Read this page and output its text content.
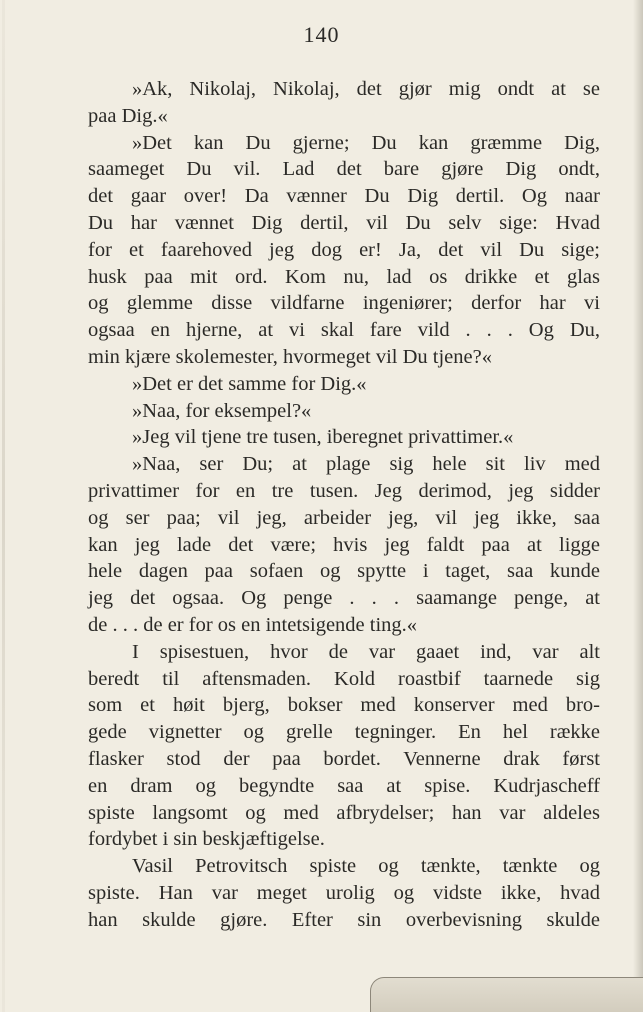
140
»Ak, Nikolaj, Nikolaj, det gjør mig ondt at se
paa Dig.«
»Det kan Du gjerne; Du kan græmme Dig,
saameget Du vil. Lad det bare gjøre Dig ondt,
det gaar over! Da vænner Du Dig dertil. Og naar
Du har vænnet Dig dertil, vil Du selv sige: Hvad
for et faarehoved jeg dog er! Ja, det vil Du sige;
husk paa mit ord. Kom nu, lad os drikke et glas
og glemme disse vildfarne ingeniører; derfor har vi
ogsaa en hjerne, at vi skal fare vild . . . Og Du,
min kjære skolemester, hvormeget vil Du tjene?«
»Det er det samme for Dig.«
»Naa, for eksempel?«
»Jeg vil tjene tre tusen, iberegnet privattimer.«
»Naa, ser Du; at plage sig hele sit liv med
privattimer for en tre tusen. Jeg derimod, jeg sidder
og ser paa; vil jeg, arbeider jeg, vil jeg ikke, saa
kan jeg lade det være; hvis jeg faldt paa at ligge
hele dagen paa sofaen og spytte i taget, saa kunde
jeg det ogsaa. Og penge . . . saamange penge, at
de . . . de er for os en intetsigende ting.«
I spisestuen, hvor de var gaaet ind, var alt
beredt til aftensmaden. Kold roastbif taarnede sig
som et høit bjerg, bokser med konserver med bro-
gede vignetter og grelle tegninger. En hel række
flasker stod der paa bordet. Vennerne drak først
en dram og begyndte saa at spise. Kudrjascheff
spiste langsomt og med afbrydelser; han var aldeles
fordybet i sin beskjæftigelse.
Vasil Petrovitsch spiste og tænkte, tænkte og
spiste. Han var meget urolig og vidste ikke, hvad
han skulde gjøre. Efter sin overbevisning skulde
